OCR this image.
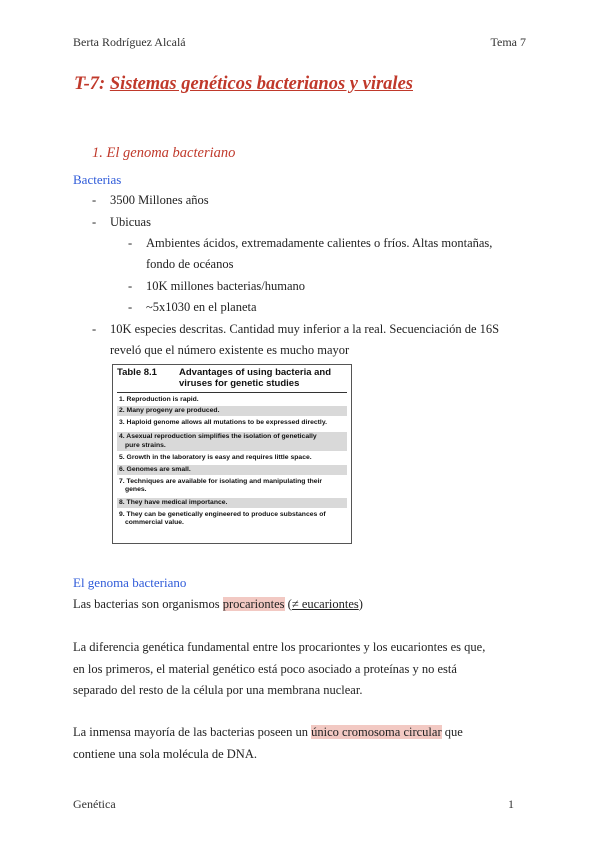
Berta Rodríguez Alcalá	Tema 7
T-7: Sistemas genéticos bacterianos y virales
1. El genoma bacteriano
Bacterias
- 3500 Millones años
- Ubicuas
- Ambientes ácidos, extremadamente calientes o fríos. Altas montañas,
fondo de océanos
- 10K millones bacterias/humano
- ~5x1030 en el planeta
- 10K especies descritas. Cantidad muy inferior a la real. Secuenciación de 16S
reveló que el número existente es mucho mayor
Table 8.1 Advantages of using bacteria and viruses for genetic studies
1. Reproduction is rapid.
2. Many progeny are produced.
3. Haploid genome allows all mutations to be expressed directly.
4. Asexual reproduction simplifies the isolation of genetically
pure strains.
5. Growth in the laboratory is easy and requires little space.
6. Genomes are small.
7. Techniques are available for isolating and manipulating their
genes.
8. They have medical importance.
9. They can be genetically engineered to produce substances of
commercial value.
El genoma bacteriano
Las bacterias son organismos procariontes (≠ eucariontes)
La diferencia genética fundamental entre los procariontes y los eucariontes es que,
en los primeros, el material genético está poco asociado a proteínas y no está
separado del resto de la célula por una membrana nuclear.
La inmensa mayoría de las bacterias poseen un único cromosoma circular que
contiene una sola molécula de DNA.
Genética	1
